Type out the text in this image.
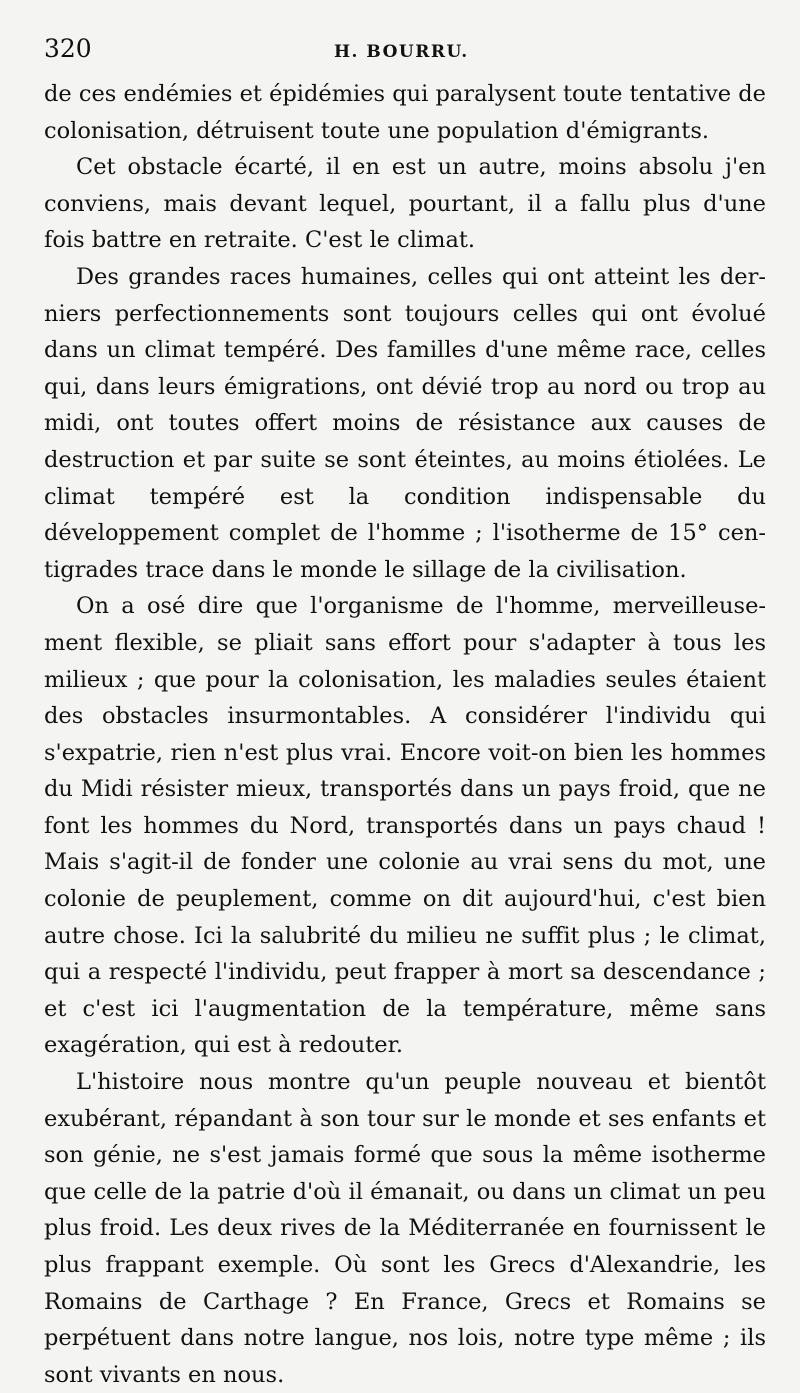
320	H. BOURRU.

de ces endémies et épidémies qui paralysent toute tentative de colonisation, détruisent toute une population d'émigrants.

Cet obstacle écarté, il en est un autre, moins absolu j'en conviens, mais devant lequel, pourtant, il a fallu plus d'une fois battre en retraite. C'est le climat.

Des grandes races humaines, celles qui ont atteint les derniers perfectionnements sont toujours celles qui ont évolué dans un climat tempéré. Des familles d'une même race, celles qui, dans leurs émigrations, ont dévié trop au nord ou trop au midi, ont toutes offert moins de résistance aux causes de destruction et par suite se sont éteintes, au moins étiolées. Le climat tempéré est la condition indispensable du développement complet de l'homme ; l'isotherme de 15° centigrades trace dans le monde le sillage de la civilisation.

On a osé dire que l'organisme de l'homme, merveilleusement flexible, se pliait sans effort pour s'adapter à tous les milieux ; que pour la colonisation, les maladies seules étaient des obstacles insurmontables. A considérer l'individu qui s'expatrie, rien n'est plus vrai. Encore voit-on bien les hommes du Midi résister mieux, transportés dans un pays froid, que ne font les hommes du Nord, transportés dans un pays chaud ! Mais s'agit-il de fonder une colonie au vrai sens du mot, une colonie de peuplement, comme on dit aujourd'hui, c'est bien autre chose. Ici la salubrité du milieu ne suffit plus ; le climat, qui a respecté l'individu, peut frapper à mort sa descendance ; et c'est ici l'augmentation de la température, même sans exagération, qui est à redouter.

L'histoire nous montre qu'un peuple nouveau et bientôt exubérant, répandant à son tour sur le monde et ses enfants et son génie, ne s'est jamais formé que sous la même isotherme que celle de la patrie d'où il émanait, ou dans un climat un peu plus froid. Les deux rives de la Méditerranée en fournissent le plus frappant exemple. Où sont les Grecs d'Alexandrie, les Romains de Carthage ? En France, Grecs et Romains se perpétuent dans notre langue, nos lois, notre type même ; ils sont vivants en nous.
